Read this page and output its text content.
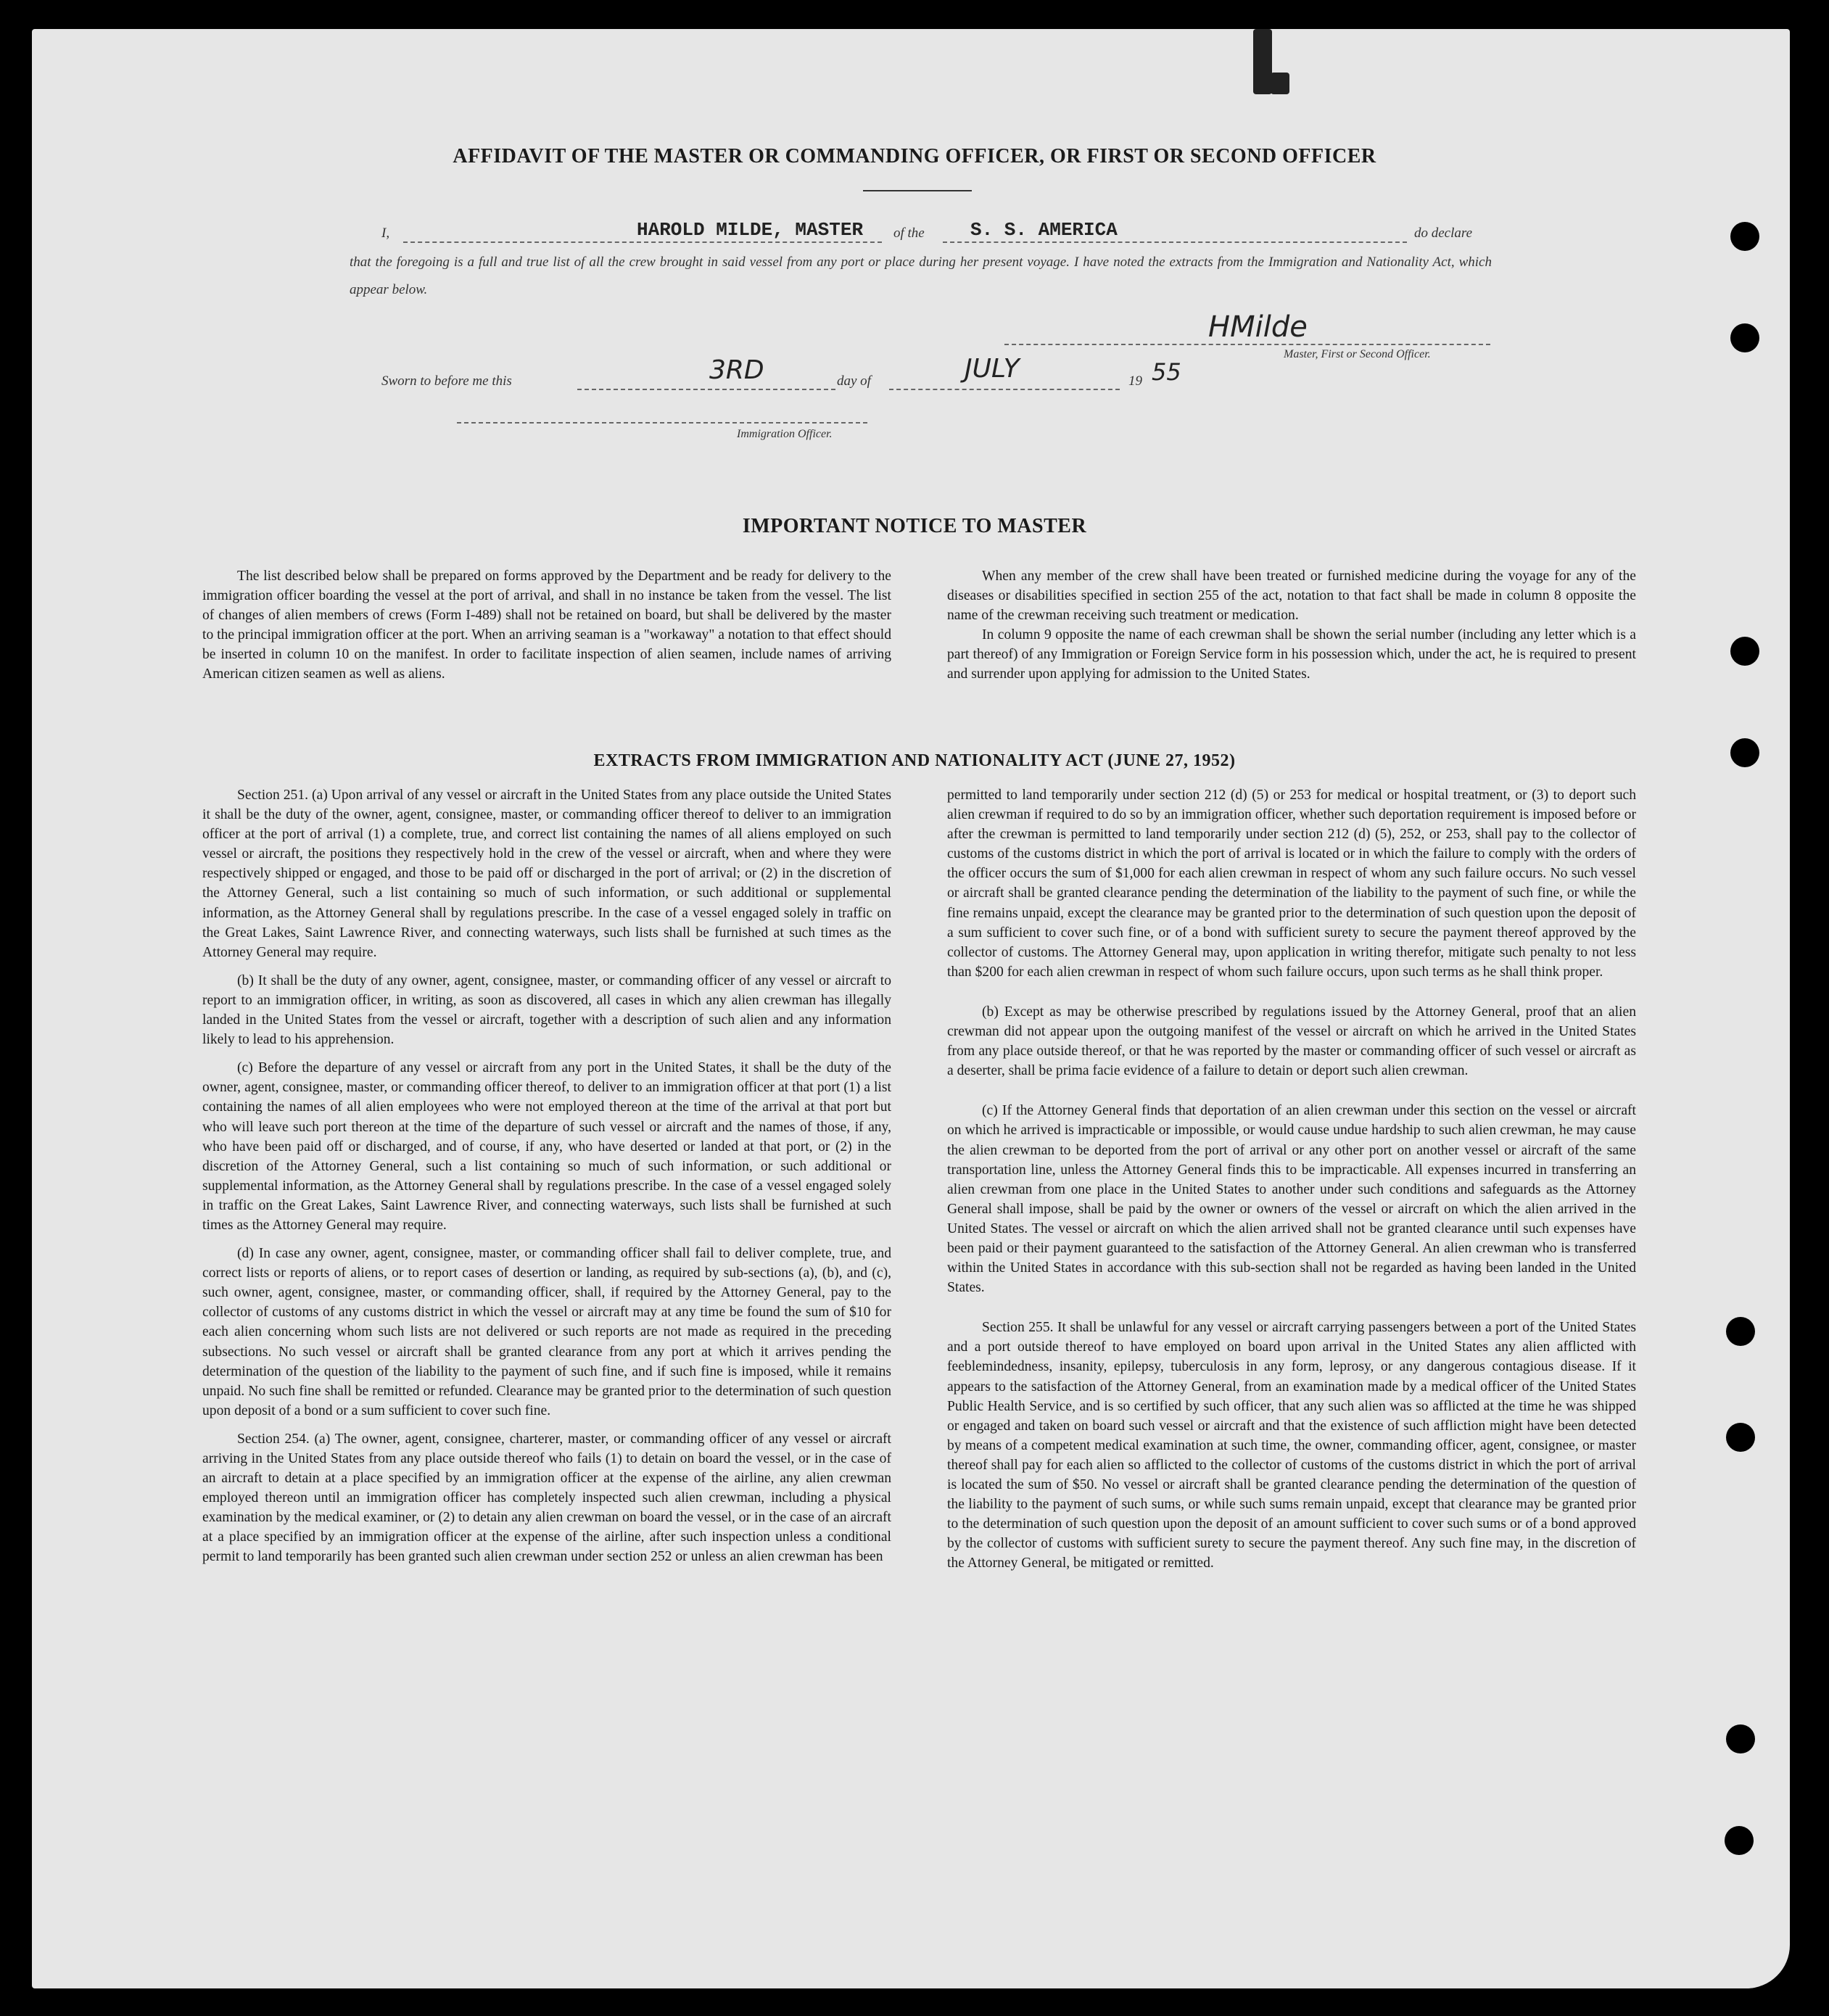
AFFIDAVIT OF THE MASTER OR COMMANDING OFFICER, OR FIRST OR SECOND OFFICER
I,	HAROLD MILDE, MASTER of the S. S. AMERICA	do declare
that the foregoing is a full and true list of all the crew brought in said vessel from any port or place during her present voyage. I have noted the extracts from the Immigration and Nationality Act, which appear below.
HMilde
Master, First or Second Officer.
Sworn to before me this	3RD	day of	JULY	19 55
Immigration Officer.
IMPORTANT NOTICE TO MASTER

The list described below shall be prepared on forms approved by the Department and be ready for delivery to the immigration officer boarding the vessel at the port of arrival, and shall in no instance be taken from the vessel. The list of changes of alien members of crews (Form I-489) shall not be retained on board, but shall be delivered by the master to the principal immigration officer at the port. When an arriving seaman is a "workaway" a notation to that effect should be inserted in column 10 on the manifest. In order to facilitate inspection of alien seamen, include names of arriving American citizen seamen as well as aliens.

When any member of the crew shall have been treated or furnished medicine during the voyage for any of the diseases or disabilities specified in section 255 of the act, notation to that fact shall be made in column 8 opposite the name of the crewman receiving such treatment or medication.

In column 9 opposite the name of each crewman shall be shown the serial number (including any letter which is a part thereof) of any Immigration or Foreign Service form in his possession which, under the act, he is required to present and surrender upon applying for admission to the United States.

EXTRACTS FROM IMMIGRATION AND NATIONALITY ACT (JUNE 27, 1952)

Section 251. (a) Upon arrival of any vessel or aircraft in the United States from any place outside the United States it shall be the duty of the owner, agent, consignee, master, or commanding officer thereof to deliver to an immigration officer at the port of arrival (1) a complete, true, and correct list containing the names of all aliens employed on such vessel or aircraft, the positions they respectively hold in the crew of the vessel or aircraft, when and where they were respectively shipped or engaged, and those to be paid off or discharged in the port of arrival; or (2) in the discretion of the Attorney General, such a list containing so much of such information, or such additional or supplemental information, as the Attorney General shall by regulations prescribe. In the case of a vessel engaged solely in traffic on the Great Lakes, Saint Lawrence River, and connecting waterways, such lists shall be furnished at such times as the Attorney General may require.

(b) It shall be the duty of any owner, agent, consignee, master, or commanding officer of any vessel or aircraft to report to an immigration officer, in writing, as soon as discovered, all cases in which any alien crewman has illegally landed in the United States from the vessel or aircraft, together with a description of such alien and any information likely to lead to his apprehension.

(c) Before the departure of any vessel or aircraft from any port in the United States, it shall be the duty of the owner, agent, consignee, master, or commanding officer thereof, to deliver to an immigration officer at that port (1) a list containing the names of all alien employees who were not employed thereon at the time of the arrival at that port but who will leave such port thereon at the time of the departure of such vessel or aircraft and the names of those, if any, who have been paid off or discharged, and of course, if any, who have deserted or landed at that port, or (2) in the discretion of the Attorney General, such a list containing so much of such information, or such additional or supplemental information, as the Attorney General shall by regulations prescribe. In the case of a vessel engaged solely in traffic on the Great Lakes, Saint Lawrence River, and connecting waterways, such lists shall be furnished at such times as the Attorney General may require.

(d) In case any owner, agent, consignee, master, or commanding officer shall fail to deliver complete, true, and correct lists or reports of aliens, or to report cases of desertion or landing, as required by sub-sections (a), (b), and (c), such owner, agent, consignee, master, or commanding officer, shall, if required by the Attorney General, pay to the collector of customs of any customs district in which the vessel or aircraft may at any time be found the sum of $10 for each alien concerning whom such lists are not delivered or such reports are not made as required in the preceding subsections. No such vessel or aircraft shall be granted clearance from any port at which it arrives pending the determination of the question of the liability to the payment of such fine, and if such fine is imposed, while it remains unpaid. No such fine shall be remitted or refunded. Clearance may be granted prior to the determination of such question upon deposit of a bond or a sum sufficient to cover such fine.

Section 254. (a) The owner, agent, consignee, charterer, master, or commanding officer of any vessel or aircraft arriving in the United States from any place outside thereof who fails (1) to detain on board the vessel, or in the case of an aircraft to detain at a place specified by an immigration officer at the expense of the airline, any alien crewman employed thereon until an immigration officer has completely inspected such alien crewman, including a physical examination by the medical examiner, or (2) to detain any alien crewman on board the vessel, or in the case of an aircraft at a place specified by an immigration officer at the expense of the airline, after such inspection unless a conditional permit to land temporarily has been granted such alien crewman under section 252 or unless an alien crewman has been

permitted to land temporarily under section 212 (d) (5) or 253 for medical or hospital treatment, or (3) to deport such alien crewman if required to do so by an immigration officer, whether such deportation requirement is imposed before or after the crewman is permitted to land temporarily under section 212 (d) (5), 252, or 253, shall pay to the collector of customs of the customs district in which the port of arrival is located or in which the failure to comply with the orders of the officer occurs the sum of $1,000 for each alien crewman in respect of whom any such failure occurs. No such vessel or aircraft shall be granted clearance pending the determination of the liability to the payment of such fine, or while the fine remains unpaid, except the clearance may be granted prior to the determination of such question upon the deposit of a sum sufficient to cover such fine, or of a bond with sufficient surety to secure the payment thereof approved by the collector of customs. The Attorney General may, upon application in writing therefor, mitigate such penalty to not less than $200 for each alien crewman in respect of whom such failure occurs, upon such terms as he shall think proper.

(b) Except as may be otherwise prescribed by regulations issued by the Attorney General, proof that an alien crewman did not appear upon the outgoing manifest of the vessel or aircraft on which he arrived in the United States from any place outside thereof, or that he was reported by the master or commanding officer of such vessel or aircraft as a deserter, shall be prima facie evidence of a failure to detain or deport such alien crewman.

(c) If the Attorney General finds that deportation of an alien crewman under this section on the vessel or aircraft on which he arrived is impracticable or impossible, or would cause undue hardship to such alien crewman, he may cause the alien crewman to be deported from the port of arrival or any other port on another vessel or aircraft of the same transportation line, unless the Attorney General finds this to be impracticable. All expenses incurred in transferring an alien crewman from one place in the United States to another under such conditions and safeguards as the Attorney General shall impose, shall be paid by the owner or owners of the vessel or aircraft on which the alien arrived in the United States. The vessel or aircraft on which the alien arrived shall not be granted clearance until such expenses have been paid or their payment guaranteed to the satisfaction of the Attorney General. An alien crewman who is transferred within the United States in accordance with this sub-section shall not be regarded as having been landed in the United States.

Section 255. It shall be unlawful for any vessel or aircraft carrying passengers between a port of the United States and a port outside thereof to have employed on board upon arrival in the United States any alien afflicted with feeblemindedness, insanity, epilepsy, tuberculosis in any form, leprosy, or any dangerous contagious disease. If it appears to the satisfaction of the Attorney General, from an examination made by a medical officer of the United States Public Health Service, and is so certified by such officer, that any such alien was so afflicted at the time he was shipped or engaged and taken on board such vessel or aircraft and that the existence of such affliction might have been detected by means of a competent medical examination at such time, the owner, commanding officer, agent, consignee, or master thereof shall pay for each alien so afflicted to the collector of customs of the customs district in which the port of arrival is located the sum of $50. No vessel or aircraft shall be granted clearance pending the determination of the question of the liability to the payment of such sums, or while such sums remain unpaid, except that clearance may be granted prior to the determination of such question upon the deposit of an amount sufficient to cover such sums or of a bond approved by the collector of customs with sufficient surety to secure the payment thereof. Any such fine may, in the discretion of the Attorney General, be mitigated or remitted.
